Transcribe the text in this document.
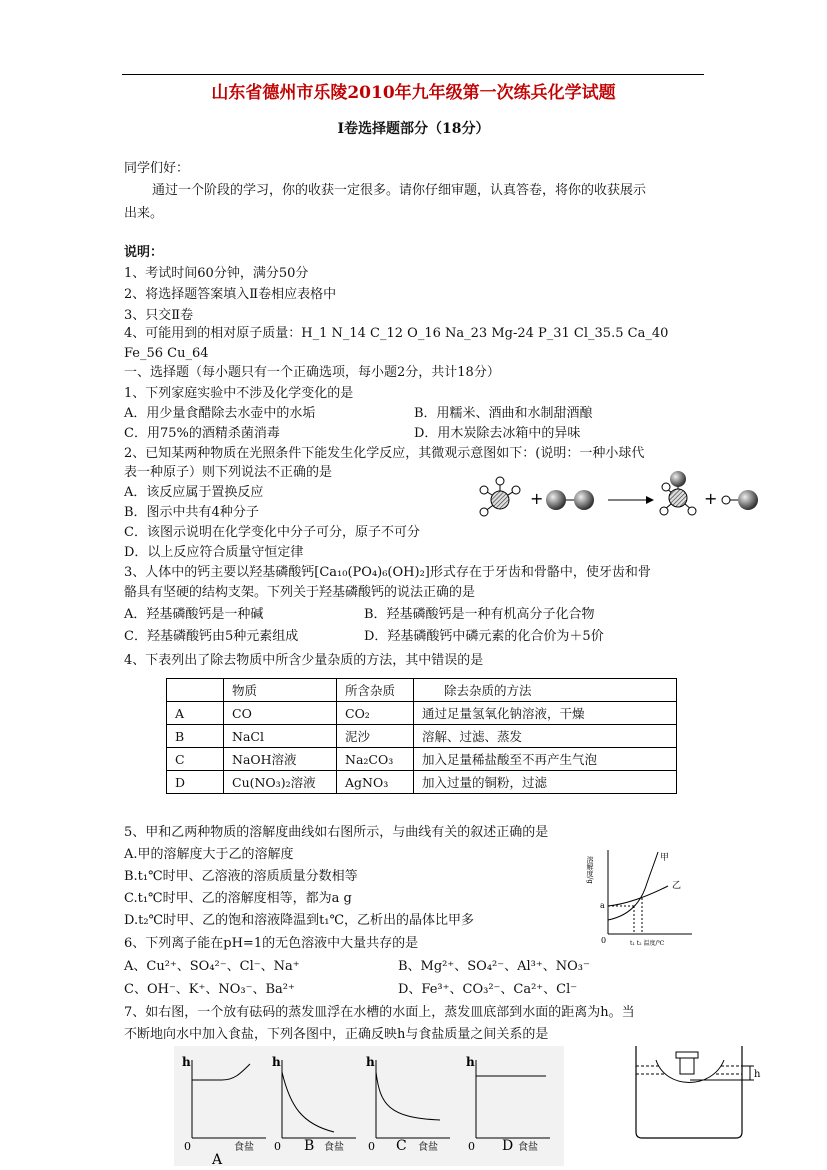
山东省德州市乐陵2010年九年级第一次练兵化学试题
Ⅰ卷选择题部分（18分）
同学们好：
通过一个阶段的学习，你的收获一定很多。请你仔细审题，认真答卷，将你的收获展示
出来。
说明：
1、考试时间60分钟，满分50分
2、将选择题答案填入Ⅱ卷相应表格中
3、只交Ⅱ卷
4、可能用到的相对原子质量：H_1 N_14 C_12 O_16 Na_23 Mg-24 P_31 Cl_35.5 Ca_40
Fe_56 Cu_64
一、选择题（每小题只有一个正确选项，每小题2分，共计18分）
1、下列家庭实验中不涉及化学变化的是
A．用少量食醋除去水壶中的水垢	B．用糯米、酒曲和水制甜酒酿
C．用75%的酒精杀菌消毒	D．用木炭除去冰箱中的异味
2、已知某两种物质在光照条件下能发生化学反应，其微观示意图如下：(说明：一种小球代
表一种原子）则下列说法不正确的是
A．该反应属于置换反应
B．图示中共有4种分子
C．该图示说明在化学变化中分子可分，原子不可分
D．以上反应符合质量守恒定律
+	+
3、人体中的钙主要以羟基磷酸钙[Ca₁₀(PO₄)₆(OH)₂]形式存在于牙齿和骨骼中，使牙齿和骨
骼具有坚硬的结构支架。下列关于羟基磷酸钙的说法正确的是
A．羟基磷酸钙是一种碱	B．羟基磷酸钙是一种有机高分子化合物
C．羟基磷酸钙由5种元素组成	D．羟基磷酸钙中磷元素的化合价为＋5价
4、下表列出了除去物质中所含少量杂质的方法，其中错误的是
	物质	所含杂质	除去杂质的方法
A	CO	CO₂	通过足量氢氧化钠溶液，干燥
B	NaCl	泥沙	溶解、过滤、蒸发
C	NaOH溶液	Na₂CO₃	加入足量稀盐酸至不再产生气泡
D	Cu(NO₃)₂溶液	AgNO₃	加入过量的铜粉，过滤
5、甲和乙两种物质的溶解度曲线如右图所示，与曲线有关的叙述正确的是
A.甲的溶解度大于乙的溶解度
B.t₁℃时甲、乙溶液的溶质质量分数相等
C.t₁℃时甲、乙的溶解度相等，都为a g
D.t₂℃时甲、乙的饱和溶液降温到t₁℃，乙析出的晶体比甲多
甲
乙
a
0	t₁ t₂ 温度/℃
溶解度/g
6、下列离子能在pH=1的无色溶液中大量共存的是
A、Cu²⁺、SO₄²⁻、Cl⁻、Na⁺	B、Mg²⁺、SO₄²⁻、Al³⁺、NO₃⁻
C、OH⁻、K⁺、NO₃⁻、Ba²⁺	D、Fe³⁺、CO₃²⁻、Ca²⁺、Cl⁻
7、如右图，一个放有砝码的蒸发皿浮在水槽的水面上，蒸发皿底部到水面的距离为h。当
不断地向水中加入食盐，下列各图中，正确反映h与食盐质量之间关系的是
h
0	食盐
A
h
0	食盐
B
h
0	食盐
C
h
0	食盐
D
h
